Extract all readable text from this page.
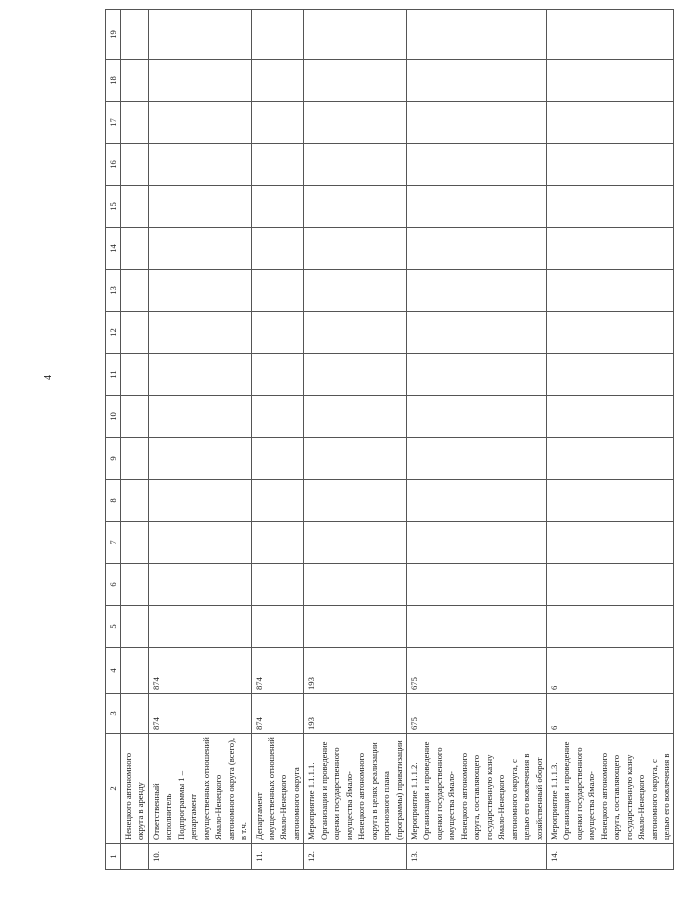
4
1	2	3	4	5	6	7	8	9	10	11	12	13	14	15	16	17	18	19
	Ненецкого автономного округа в аренду																	
10.	Ответственный исполнитель Подпрограммы 1 – департамент имущественных отношений Ямало-Ненецкого автономного округа (всего), в т.ч.	874	874															
11.	Департамент имущественных отношений Ямало-Ненецкого автономного округа	874	874															
12.	Мероприятие 1.1.1.1. Организация и проведение оценки государственного имущества Ямало-Ненецкого автономного округа в целях реализации прогнозного плана (программы) приватизации	193	193															
13.	Мероприятие 1.1.1.2. Организация и проведение оценки государственного имущества Ямало-Ненецкого автономного округа, составляющего государственную казну Ямало-Ненецкого автономного округа, с целью его вовлечения в хозяйственный оборот	675	675															
14.	Мероприятие 1.1.1.3. Организация и проведение оценки государственного имущества Ямало-Ненецкого автономного округа, составляющего государственную казну Ямало-Ненецкого автономного округа, с целью его вовлечения в	6	6															
